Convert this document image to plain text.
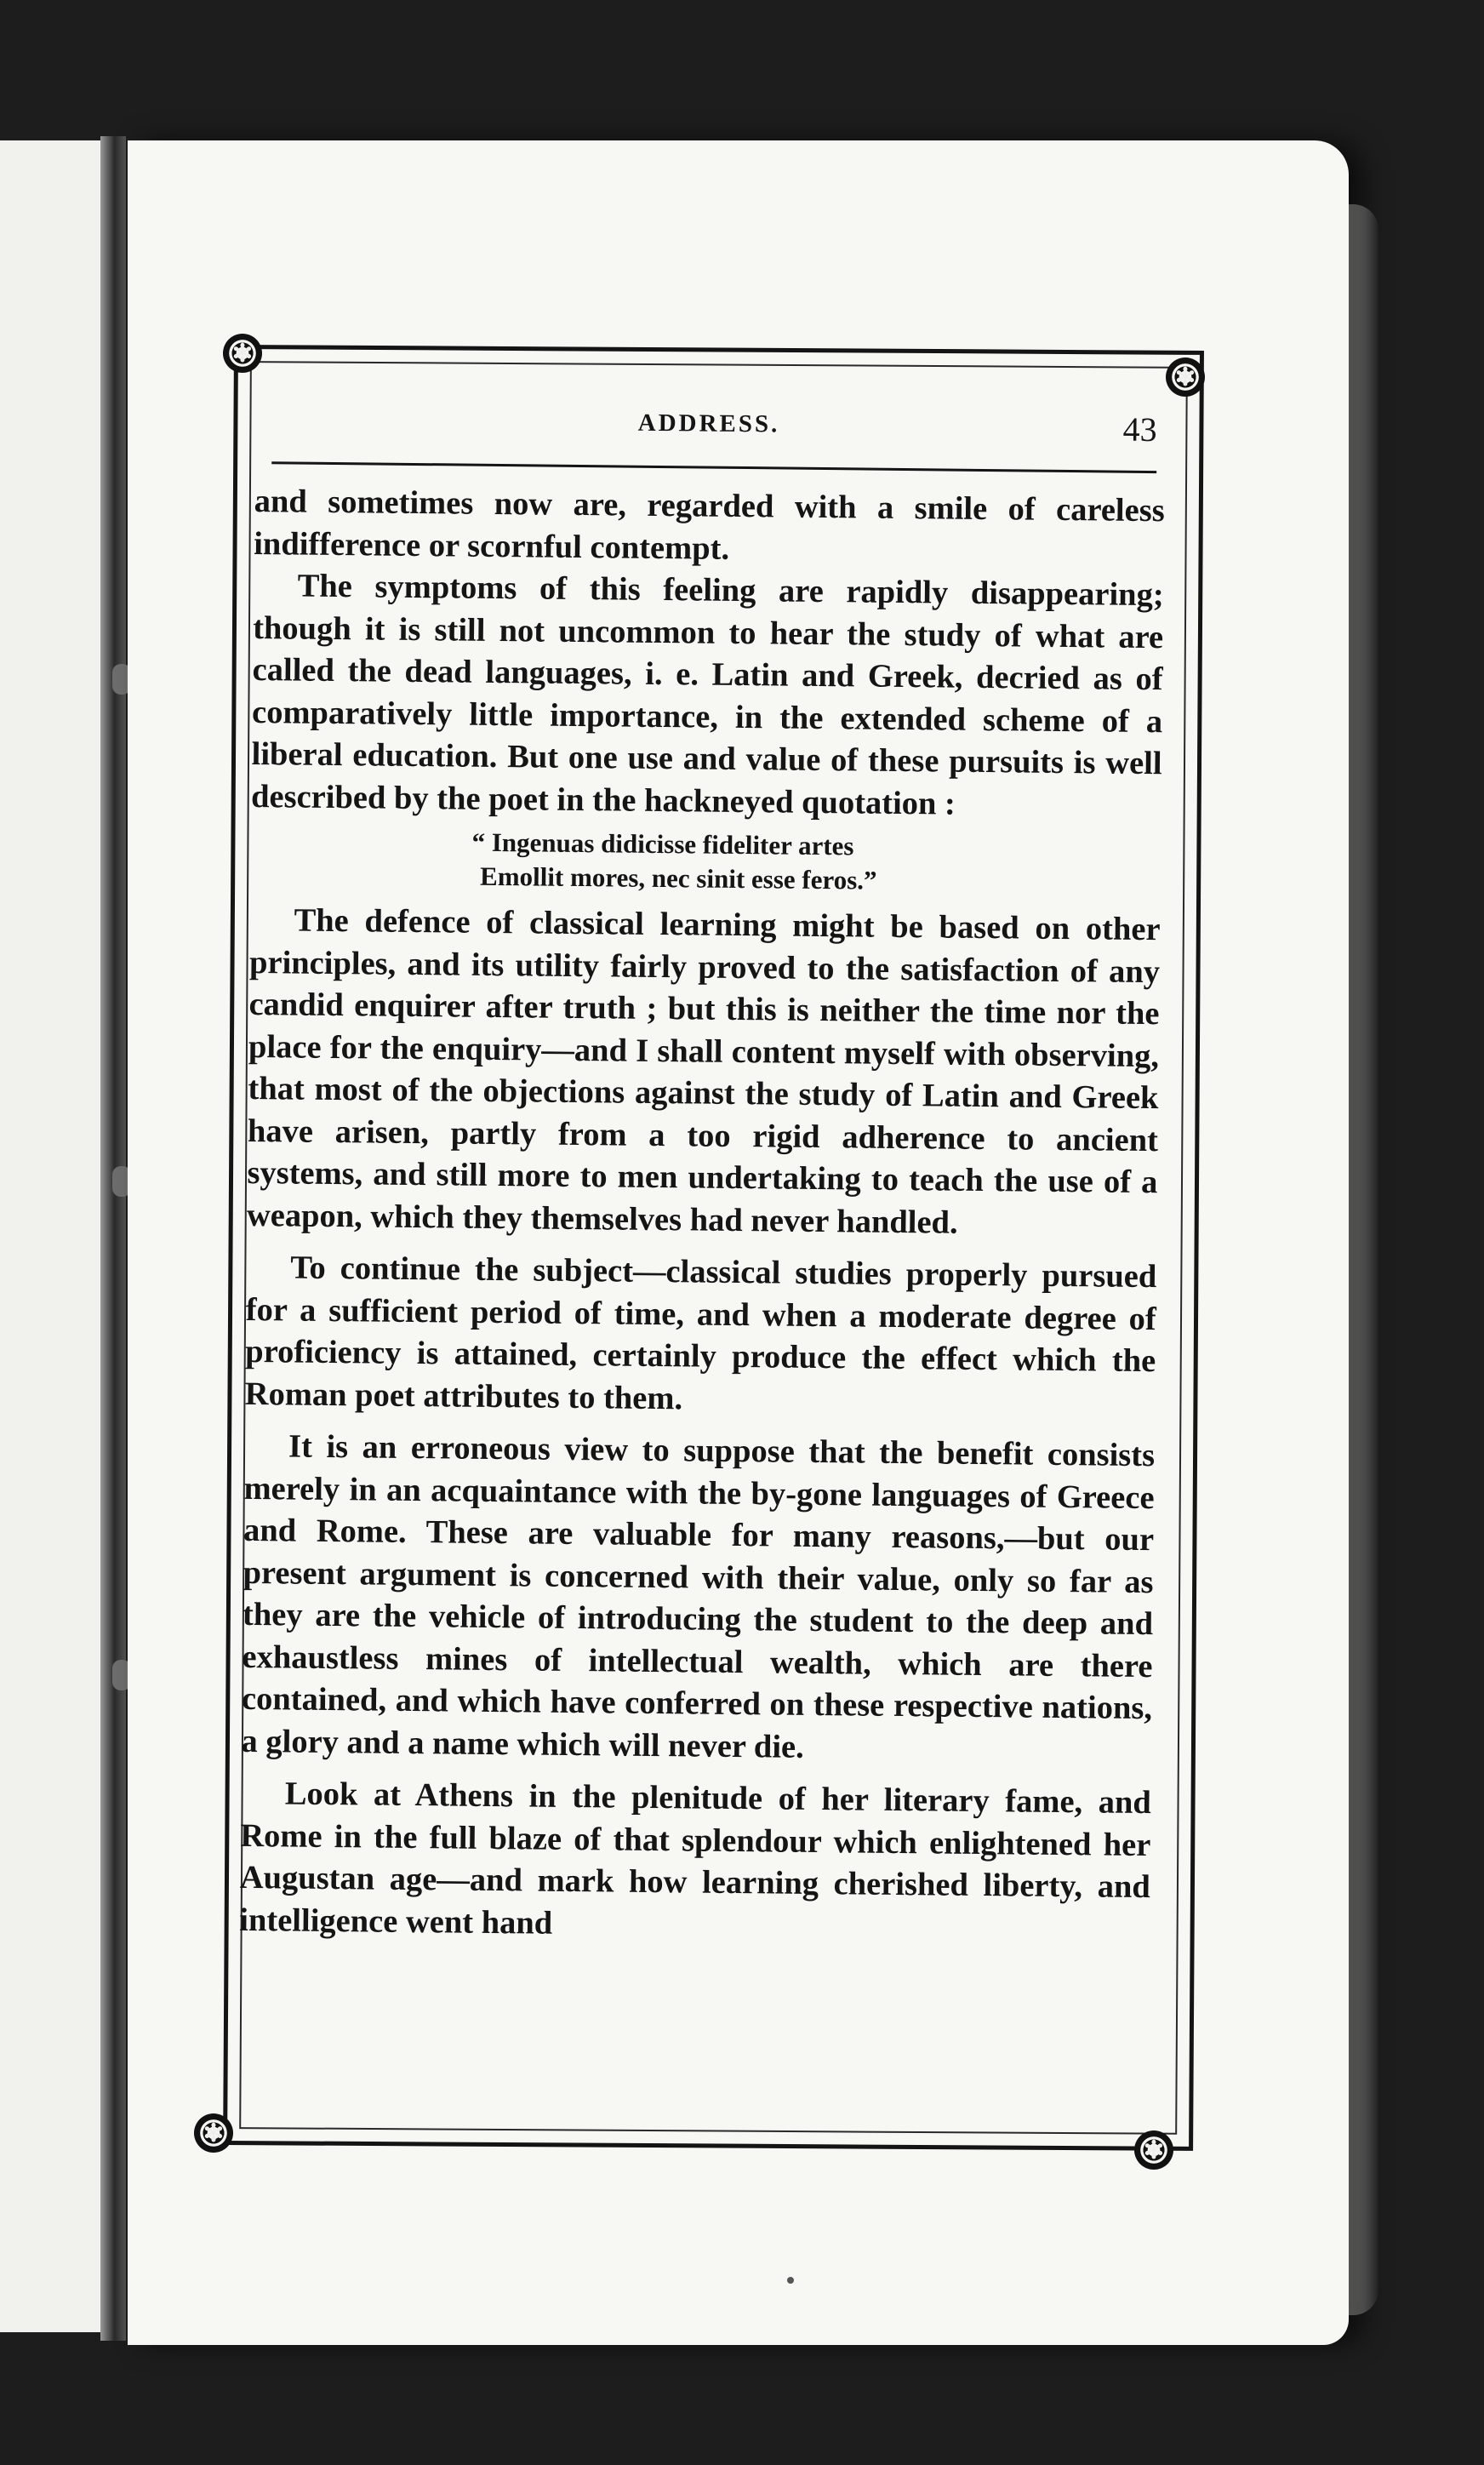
✻
✻
✻
✻
ADDRESS.	43

and sometimes now are, regarded with a smile of careless indifference or scornful contempt.

The symptoms of this feeling are rapidly disappearing; though it is still not uncommon to hear the study of what are called the dead languages, i. e. Latin and Greek, decried as of comparatively little importance, in the extended scheme of a liberal education. But one use and value of these pursuits is well described by the poet in the hackneyed quotation :

“ Ingenuas didicisse fideliter artes
Emollit mores, nec sinit esse feros.”

The defence of classical learning might be based on other principles, and its utility fairly proved to the satisfaction of any candid enquirer after truth ; but this is neither the time nor the place for the enquiry—and I shall content myself with observing, that most of the objections against the study of Latin and Greek have arisen, partly from a too rigid adherence to ancient systems, and still more to men undertaking to teach the use of a weapon, which they themselves had never handled.

To continue the subject—classical studies properly pursued for a sufficient period of time, and when a moderate degree of proficiency is attained, certainly produce the effect which the Roman poet attributes to them.

It is an erroneous view to suppose that the benefit consists merely in an acquaintance with the by-gone languages of Greece and Rome. These are valuable for many reasons,—but our present argument is concerned with their value, only so far as they are the vehicle of introducing the student to the deep and exhaustless mines of intellectual wealth, which are there contained, and which have conferred on these respective nations, a glory and a name which will never die.

Look at Athens in the plenitude of her literary fame, and Rome in the full blaze of that splendour which enlightened her Augustan age—and mark how learning cherished liberty, and intelligence went hand
